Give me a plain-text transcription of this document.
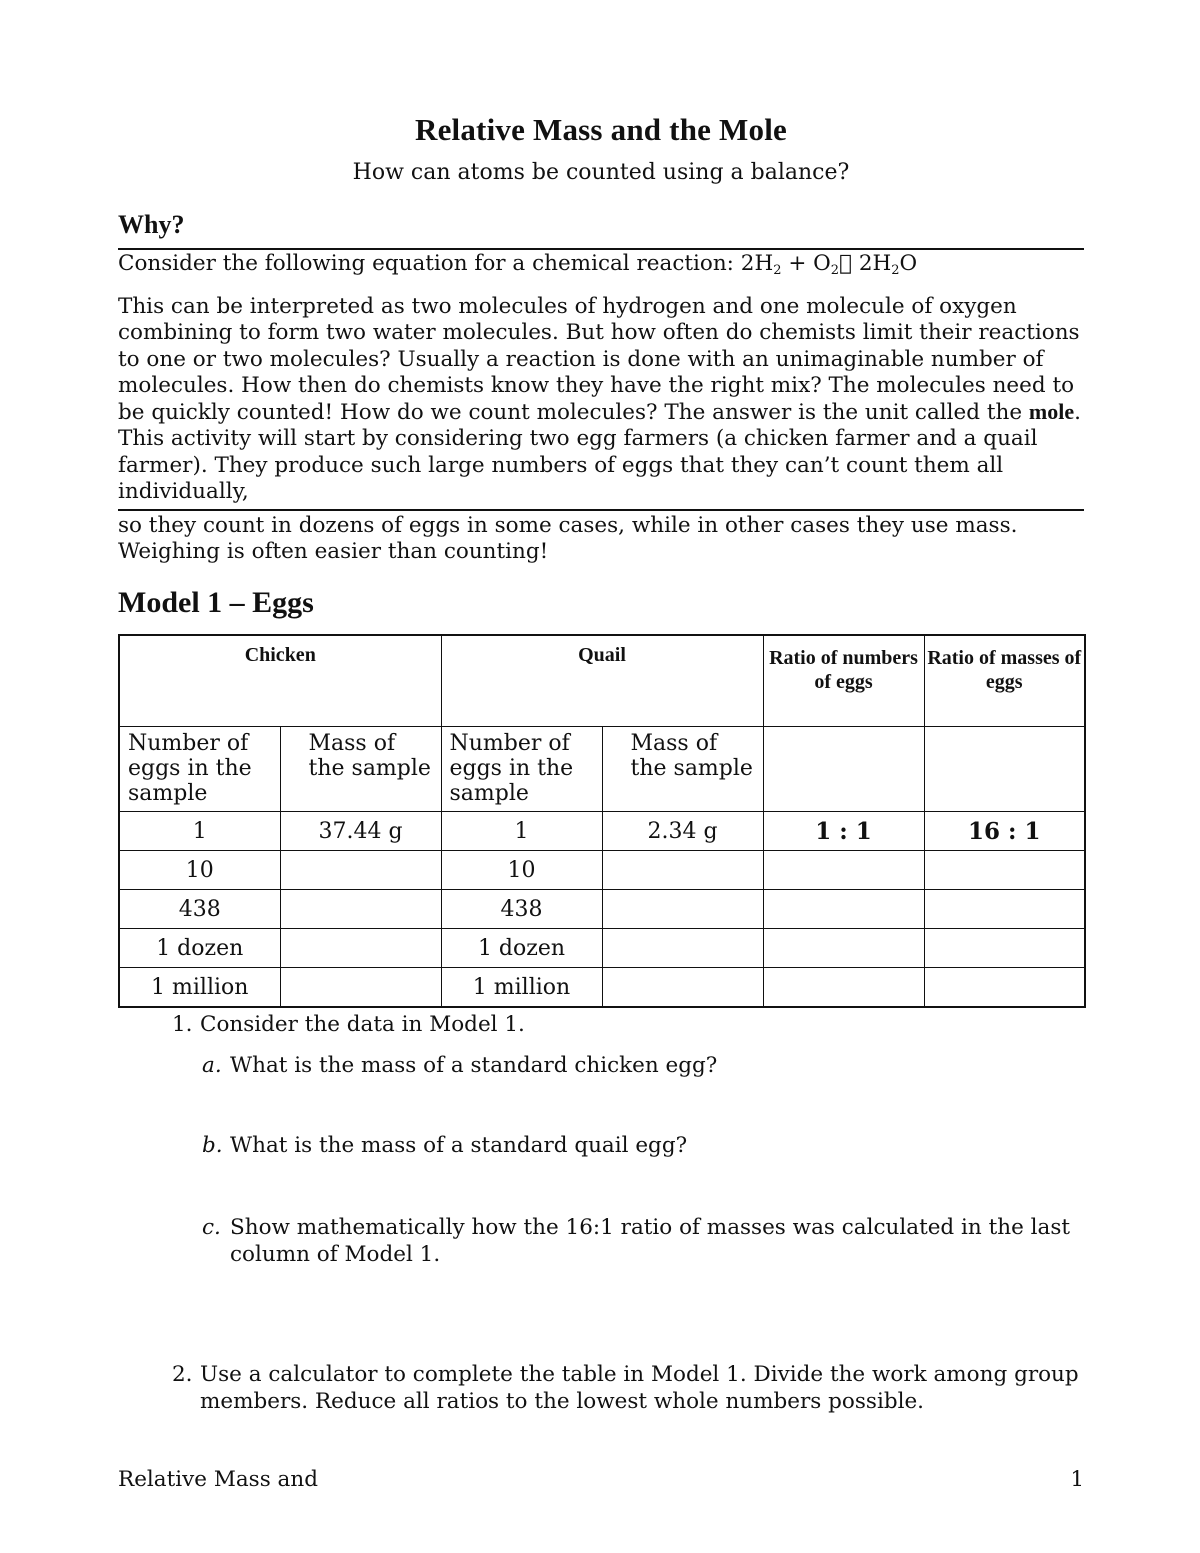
Relative Mass and the Mole
How can atoms be counted using a balance?
Why?
Consider the following equation for a chemical reaction: $2H_2$ + $O_2 $ $2H_2O$
This can be interpreted as two molecules of hydrogen and one molecule of oxygen combining to form two water molecules. But how often do chemists limit their reactions to one or two molecules? Usually a reaction is done with an unimaginable number of molecules. How then do chemists know they have the right mix? The molecules need to be quickly counted! How do we count molecules? The answer is the unit called the mole. This activity will start by considering two egg farmers (a chicken farmer and a quail farmer). They produce such large numbers of eggs that they can’t count them all individually,
so they count in dozens of eggs in some cases, while in other cases they use mass. Weighing is often easier than counting!
Model 1 – Eggs
Chicken		Quail		Ratio of numbers of eggs	Ratio of masses of eggs
Number of eggs in the sample	Mass of the sample	Number of eggs in the sample	Mass of the sample		
1	37.44 g	1	2.34 g	1 : 1	16 : 1
10		10			
438		438			
1 dozen		1 dozen			
1 million		1 million			
1. Consider the data in Model 1.
a. What is the mass of a standard chicken egg?
b. What is the mass of a standard quail egg?
c. Show mathematically how the 16:1 ratio of masses was calculated in the last column of Model 1.
2. Use a calculator to complete the table in Model 1. Divide the work among group members. Reduce all ratios to the lowest whole numbers possible.
Relative Mass and	1
